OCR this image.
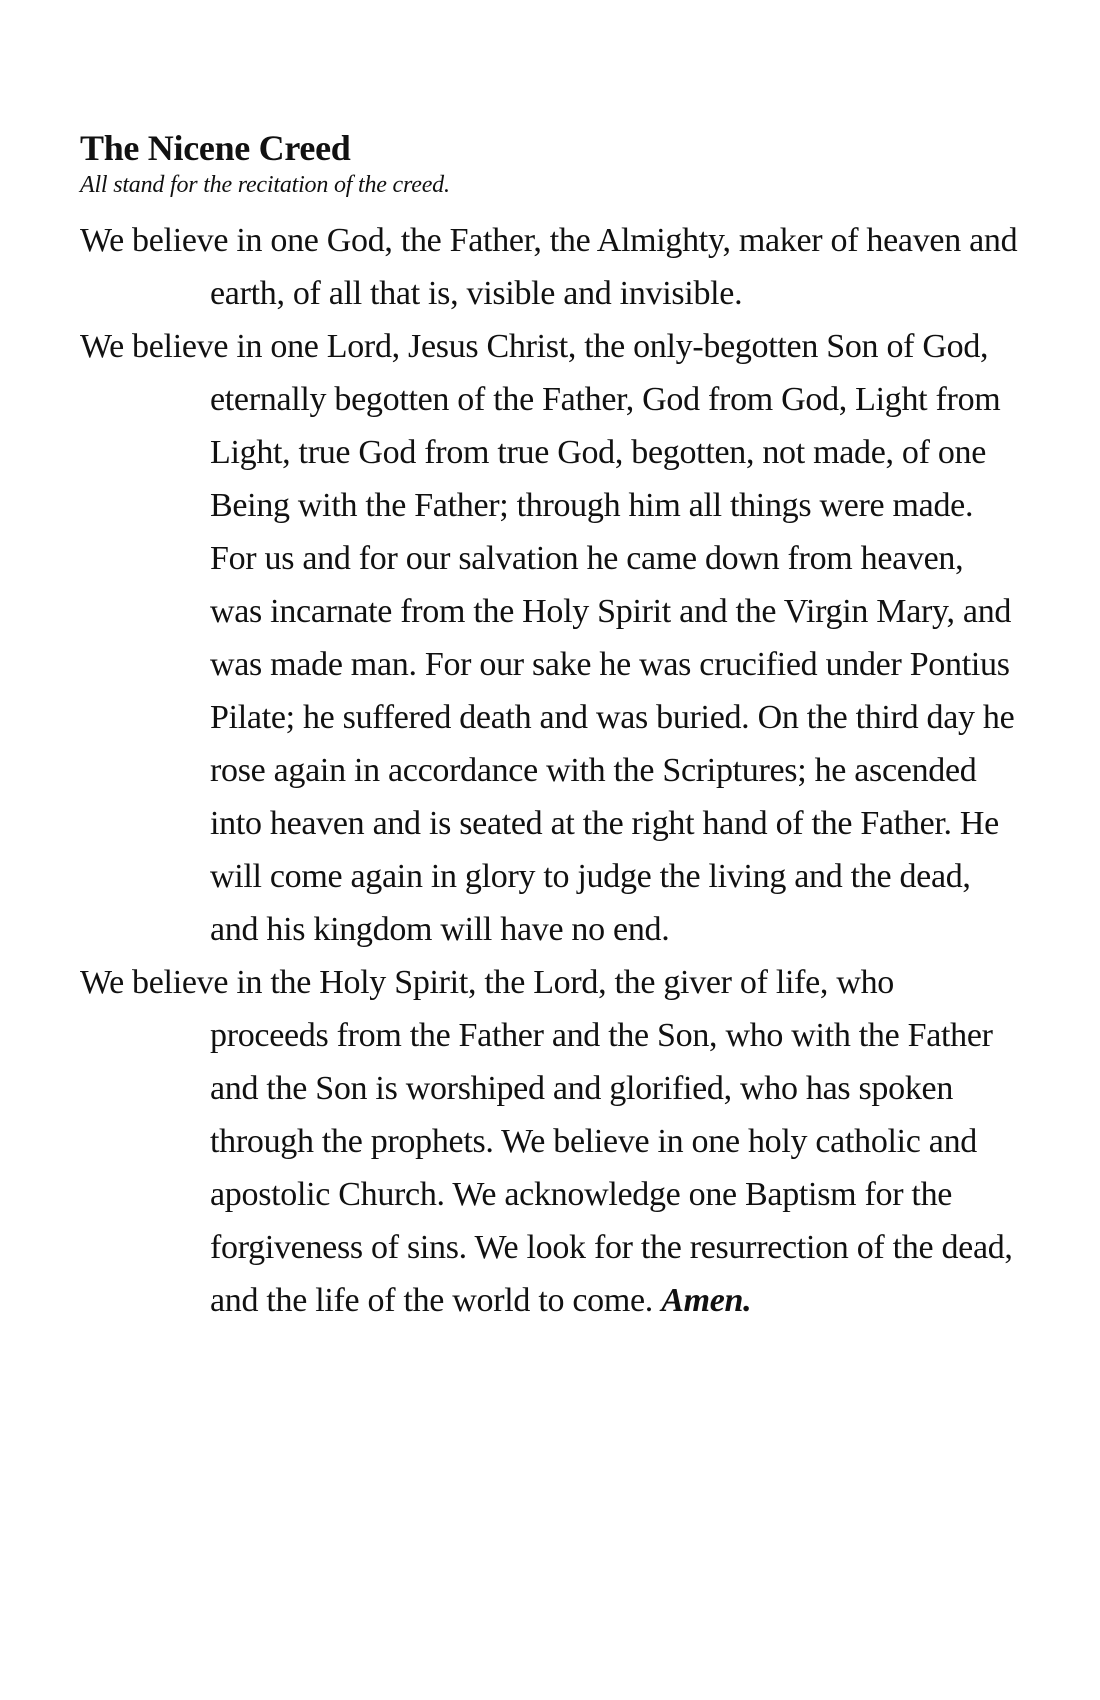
The Nicene Creed

All stand for the recitation of the creed.

We believe in one God, the Father, the Almighty, maker of heaven and earth, of all that is, visible and invisible.

We believe in one Lord, Jesus Christ, the only-begotten Son of God, eternally begotten of the Father, God from God, Light from Light, true God from true God, begotten, not made, of one Being with the Father; through him all things were made. For us and for our salvation he came down from heaven, was incarnate from the Holy Spirit and the Virgin Mary, and was made man. For our sake he was crucified under Pontius Pilate; he suffered death and was buried. On the third day he rose again in accordance with the Scriptures; he ascended into heaven and is seated at the right hand of the Father. He will come again in glory to judge the living and the dead, and his kingdom will have no end.

We believe in the Holy Spirit, the Lord, the giver of life, who proceeds from the Father and the Son, who with the Father and the Son is worshiped and glorified, who has spoken through the prophets. We believe in one holy catholic and apostolic Church. We acknowledge one Baptism for the forgiveness of sins. We look for the resurrection of the dead, and the life of the world to come. Amen.
